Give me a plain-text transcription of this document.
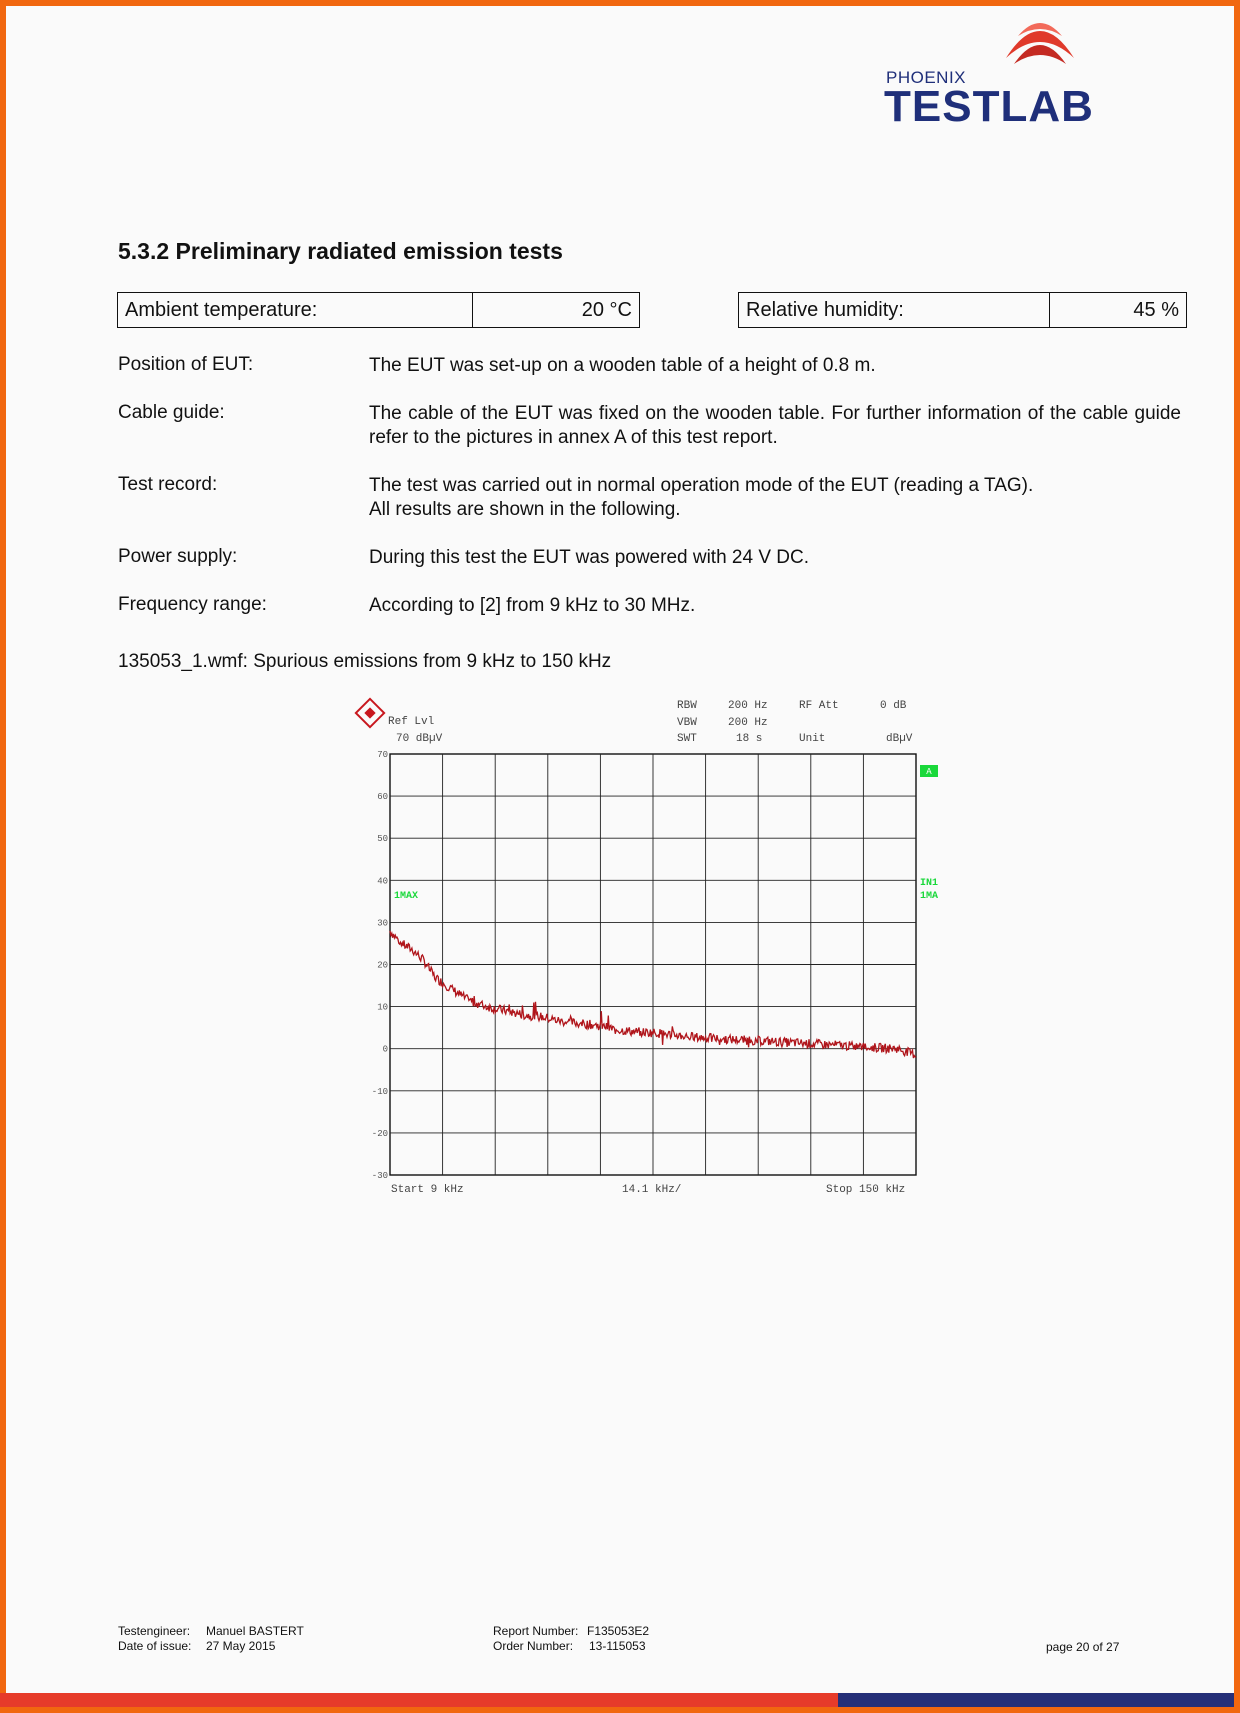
PHOENIX
TESTLAB
5.3.2 Preliminary radiated emission tests
Ambient temperature:	20 °C	Relative humidity:	45 %
Position of EUT:	The EUT was set-up on a wooden table of a height of 0.8 m.
Cable guide:	The cable of the EUT was fixed on the wooden table. For further information of the cable guide refer to the pictures in annex A of this test report.
Test record:	The test was carried out in normal operation mode of the EUT (reading a TAG).
All results are shown in the following.
Power supply:	During this test the EUT was powered with 24 V DC.
Frequency range:	According to [2] from 9 kHz to 30 MHz.
135053_1.wmf: Spurious emissions from 9 kHz to 150 kHz
Ref Lvl
70 dBµV
RBW	200 Hz
VBW	200 Hz
SWT	18 s
RF Att	0 dB
Unit	dBµV
70
60
50
40
30
20
10
0
-10
-20
-30
A
IN1
1MA
1MAX
Start 9 kHz	14.1 kHz/	Stop 150 kHz
Testengineer: Manuel BASTERT
Date of issue: 27 May 2015
Report Number: F135053E2
Order Number: 13-115053	page 20 of 27
